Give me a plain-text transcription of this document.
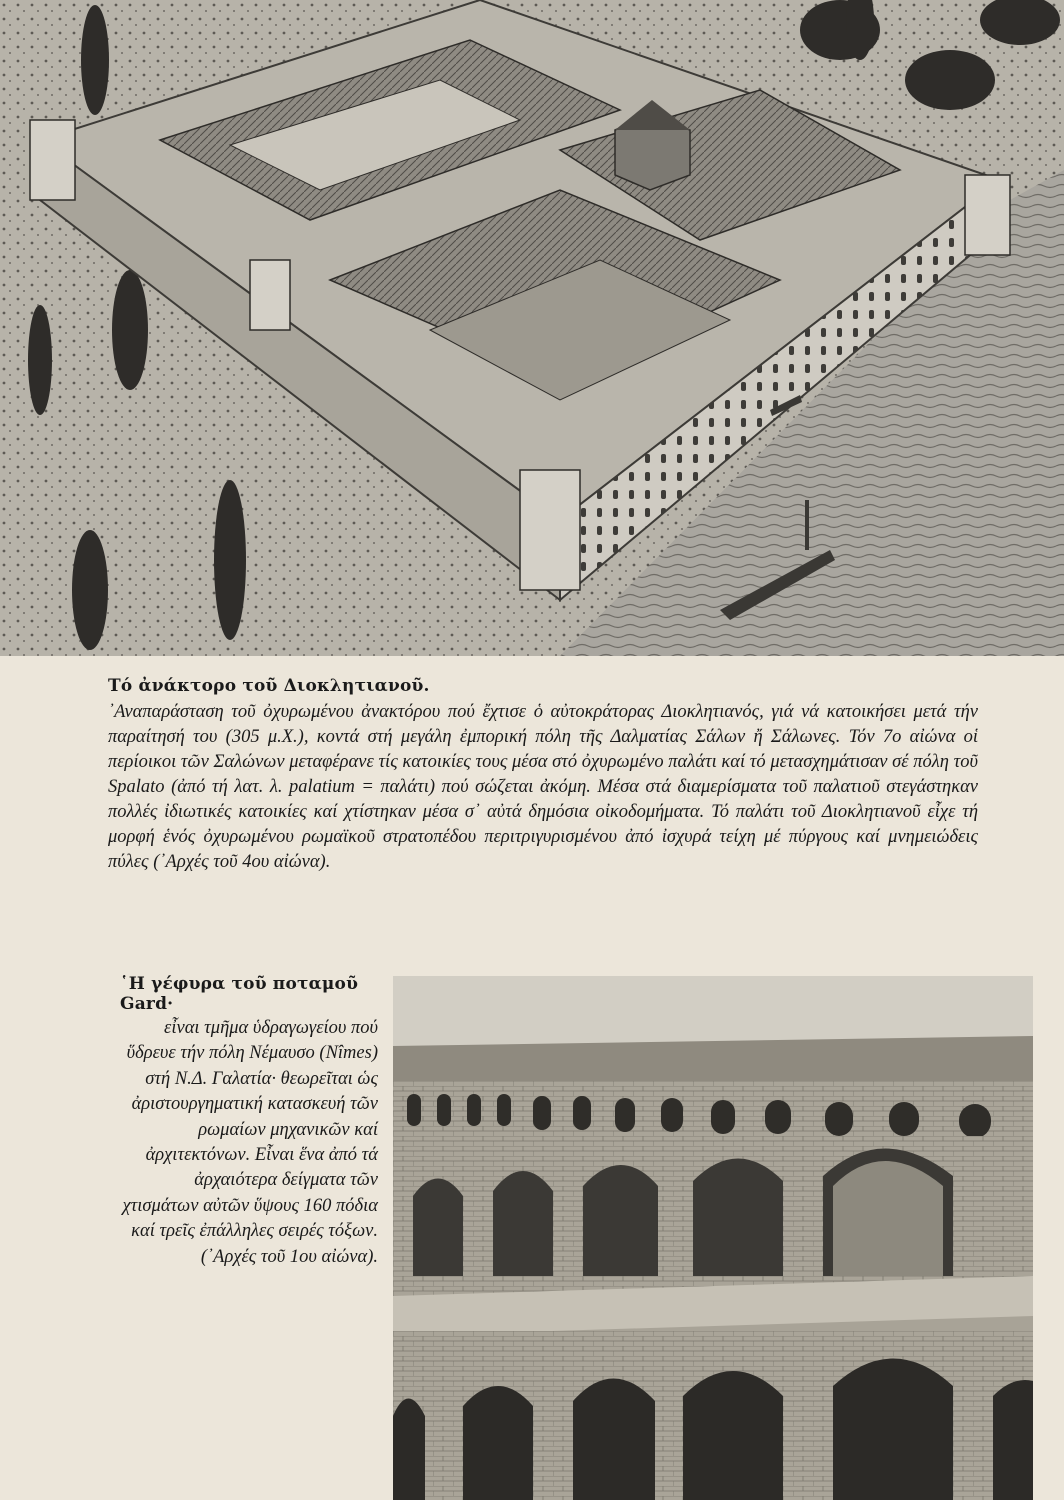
Τό ἀνάκτορο τοῦ Διοκλητιανοῦ.

᾿Αναπαράσταση τοῦ ὀχυρωμένου ἀνακτόρου πού ἔχτισε ὁ αὐτοκράτορας Διοκλητιανός, γιά νά κατοικήσει μετά τήν παραίτησή του (305 μ.Χ.), κοντά στή μεγάλη ἐμπορική πόλη τῆς Δαλματίας Σάλων ἤ Σάλωνες. Τόν 7ο αἰώνα οἱ περίοικοι τῶν Σαλώνων μεταφέρανε τίς κατοικίες τους μέσα στό ὀχυρωμένο παλάτι καί τό μετασχημάτισαν σέ πόλη τοῦ Spalato (ἀπό τή λατ. λ. palatium = παλάτι) πού σώζεται ἀκόμη. Μέσα στά διαμερίσματα τοῦ παλατιοῦ στεγάστηκαν πολλές ἰδιωτικές κατοικίες καί χτίστηκαν μέσα σ᾿ αὐτά δημόσια οἰκοδομήματα. Τό παλάτι τοῦ Διοκλητιανοῦ εἶχε τή μορφή ἑνός ὀχυρωμένου ρωμαϊκοῦ στρατοπέδου περιτριγυρισμένου ἀπό ἰσχυρά τείχη μέ πύργους καί μνημειώδεις πύλες (᾿Αρχές τοῦ 4ου αἰώνα).

῾Η γέφυρα τοῦ ποταμοῦ Gard·

εἶναι τμῆμα ὑδραγωγείου πού ὕδρευε τήν πόλη Νέμαυσο (Nîmes) στή Ν.Δ. Γαλατία· θεωρεῖται ὡς ἀριστουργηματική κατασκευή τῶν ρωμαίων μηχανικῶν καί ἀρχιτεκτόνων. Εἶναι ἕνα ἀπό τά ἀρχαιότερα δείγματα τῶν χτισμάτων αὐτῶν ὕψους 160 πόδια καί τρεῖς ἐπάλληλες σειρές τόξων. (᾿Αρχές τοῦ 1ου αἰώνα).
